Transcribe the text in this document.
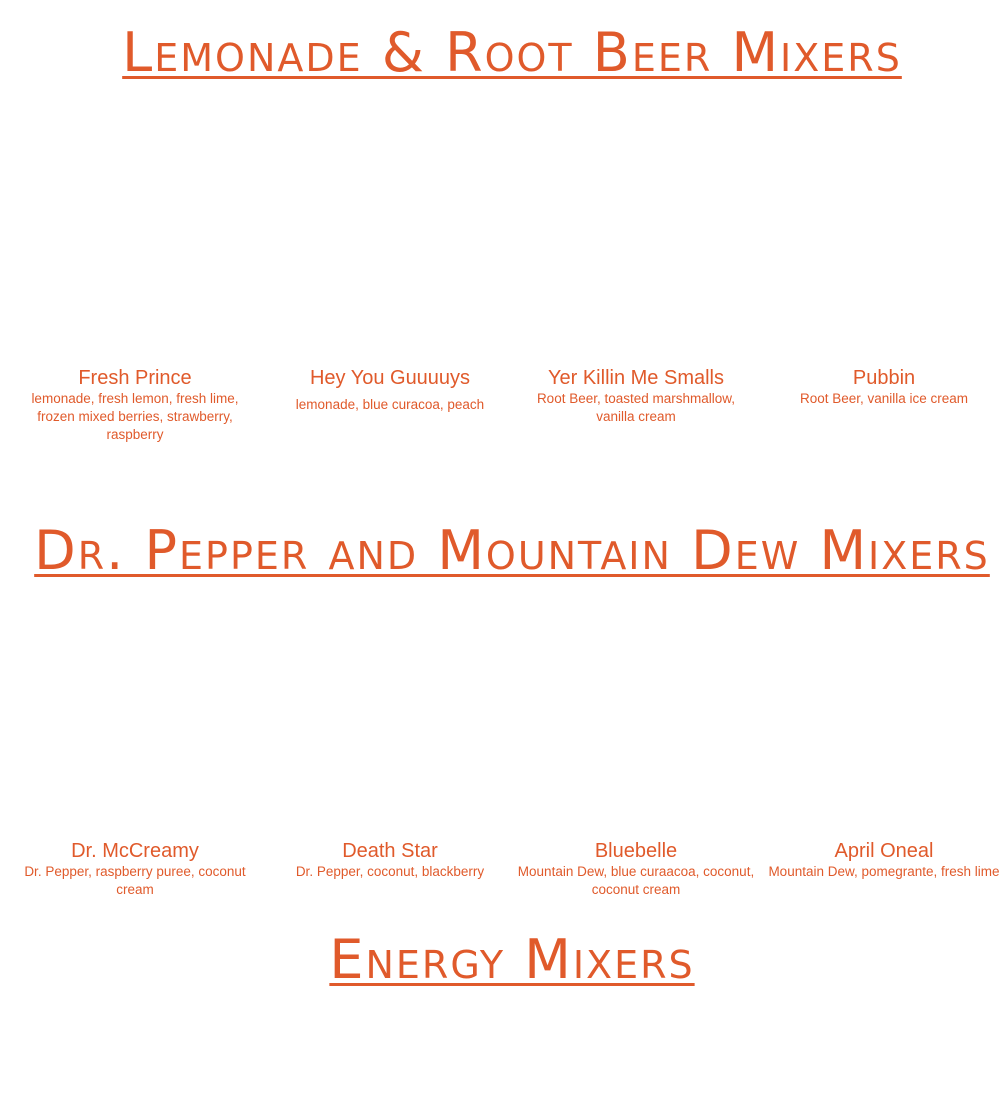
Lemonade & Root Beer Mixers
Fresh Prince
lemonade, fresh lemon, fresh lime, frozen mixed berries, strawberry, raspberry
Hey You Guuuuys
lemonade, blue curacoa, peach
Yer Killin Me Smalls
Root Beer, toasted marshmallow, vanilla cream
Pubbin
Root Beer, vanilla ice cream
Dr. Pepper and Mountain Dew Mixers
Dr. McCreamy
Dr. Pepper, raspberry puree, coconut cream
Death Star
Dr. Pepper, coconut, blackberry
Bluebelle
Mountain Dew, blue curaacoa, coconut, coconut cream
April Oneal
Mountain Dew, pomegrante, fresh lime
Energy Mixers
